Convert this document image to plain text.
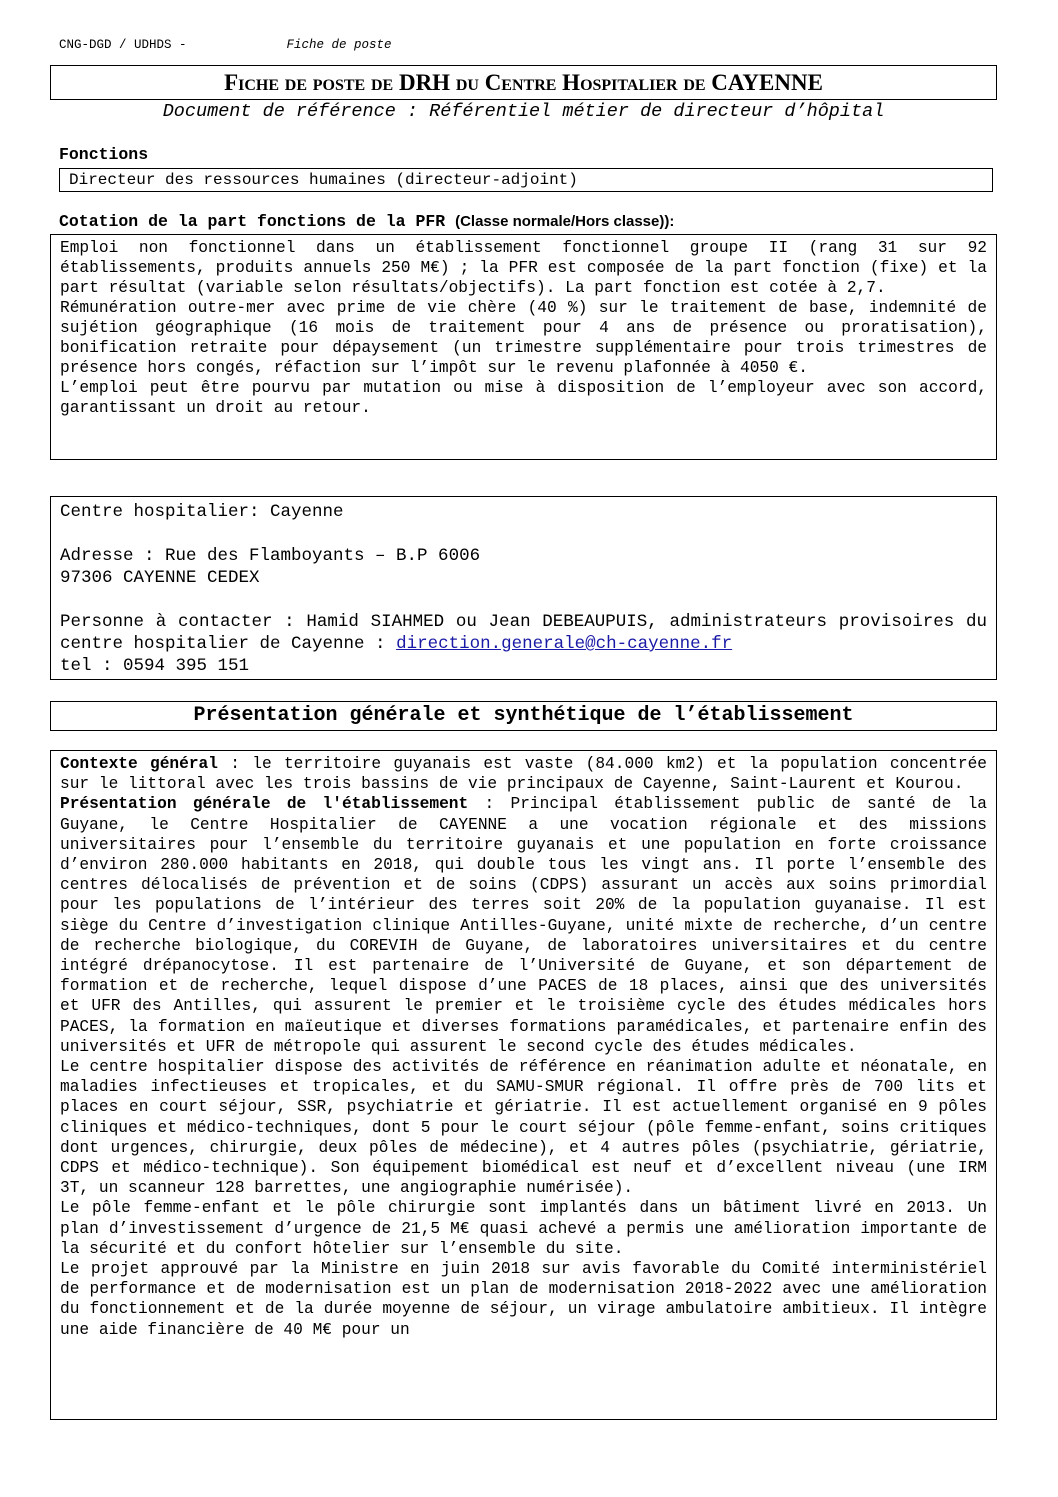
CNG-DGD / UDHDS -	Fiche de poste
Fiche de poste de DRH du Centre Hospitalier de CAYENNE
Document de référence : Référentiel métier de directeur d’hôpital
Fonctions
Directeur des ressources humaines (directeur-adjoint)
Cotation de la part fonctions de la PFR (Classe normale/Hors classe)):

Emploi non fonctionnel dans un établissement fonctionnel groupe II (rang 31 sur 92 établissements, produits annuels 250 M€) ; la PFR est composée de la part fonction (fixe) et la part résultat (variable selon résultats/objectifs). La part fonction est cotée à 2,7.

Rémunération outre-mer avec prime de vie chère (40 %) sur le traitement de base, indemnité de sujétion géographique (16 mois de traitement pour 4 ans de présence ou proratisation), bonification retraite pour dépaysement (un trimestre supplémentaire pour trois trimestres de présence hors congés, réfaction sur l’impôt sur le revenu plafonnée à 4050 €.

L’emploi peut être pourvu par mutation ou mise à disposition de l’employeur avec son accord, garantissant un droit au retour.

Centre hospitalier: Cayenne

Adresse : Rue des Flamboyants – B.P 6006

97306 CAYENNE CEDEX

Personne à contacter : Hamid SIAHMED ou Jean DEBEAUPUIS, administrateurs provisoires du centre hospitalier de Cayenne : direction.generale@ch-cayenne.fr

tel : 0594 395 151

Présentation générale et synthétique de l’établissement

Contexte général : le territoire guyanais est vaste (84.000 km2) et la population concentrée sur le littoral avec les trois bassins de vie principaux de Cayenne, Saint-Laurent et Kourou.

Présentation générale de l'établissement : Principal établissement public de santé de la Guyane, le Centre Hospitalier de CAYENNE a une vocation régionale et des missions universitaires pour l’ensemble du territoire guyanais et une population en forte croissance d’environ 280.000 habitants en 2018, qui double tous les vingt ans. Il porte l’ensemble des centres délocalisés de prévention et de soins (CDPS) assurant un accès aux soins primordial pour les populations de l’intérieur des terres soit 20% de la population guyanaise. Il est siège du Centre d’investigation clinique Antilles-Guyane, unité mixte de recherche, d’un centre de recherche biologique, du COREVIH de Guyane, de laboratoires universitaires et du centre intégré drépanocytose. Il est partenaire de l’Université de Guyane, et son département de formation et de recherche, lequel dispose d’une PACES de 18 places, ainsi que des universités et UFR des Antilles, qui assurent le premier et le troisième cycle des études médicales hors PACES, la formation en maïeutique et diverses formations paramédicales, et partenaire enfin des universités et UFR de métropole qui assurent le second cycle des études médicales.

Le centre hospitalier dispose des activités de référence en réanimation adulte et néonatale, en maladies infectieuses et tropicales, et du SAMU-SMUR régional. Il offre près de 700 lits et places en court séjour, SSR, psychiatrie et gériatrie. Il est actuellement organisé en 9 pôles cliniques et médico-techniques, dont 5 pour le court séjour (pôle femme-enfant, soins critiques dont urgences, chirurgie, deux pôles de médecine), et 4 autres pôles (psychiatrie, gériatrie, CDPS et médico-technique). Son équipement biomédical est neuf et d’excellent niveau (une IRM 3T, un scanneur 128 barrettes, une angiographie numérisée).

Le pôle femme-enfant et le pôle chirurgie sont implantés dans un bâtiment livré en 2013. Un plan d’investissement d’urgence de 21,5 M€ quasi achevé a permis une amélioration importante de la sécurité et du confort hôtelier sur l’ensemble du site.

Le projet approuvé par la Ministre en juin 2018 sur avis favorable du Comité interministériel de performance et de modernisation est un plan de modernisation 2018-2022 avec une amélioration du fonctionnement et de la durée moyenne de séjour, un virage ambulatoire ambitieux. Il intègre une aide financière de 40 M€ pour un
